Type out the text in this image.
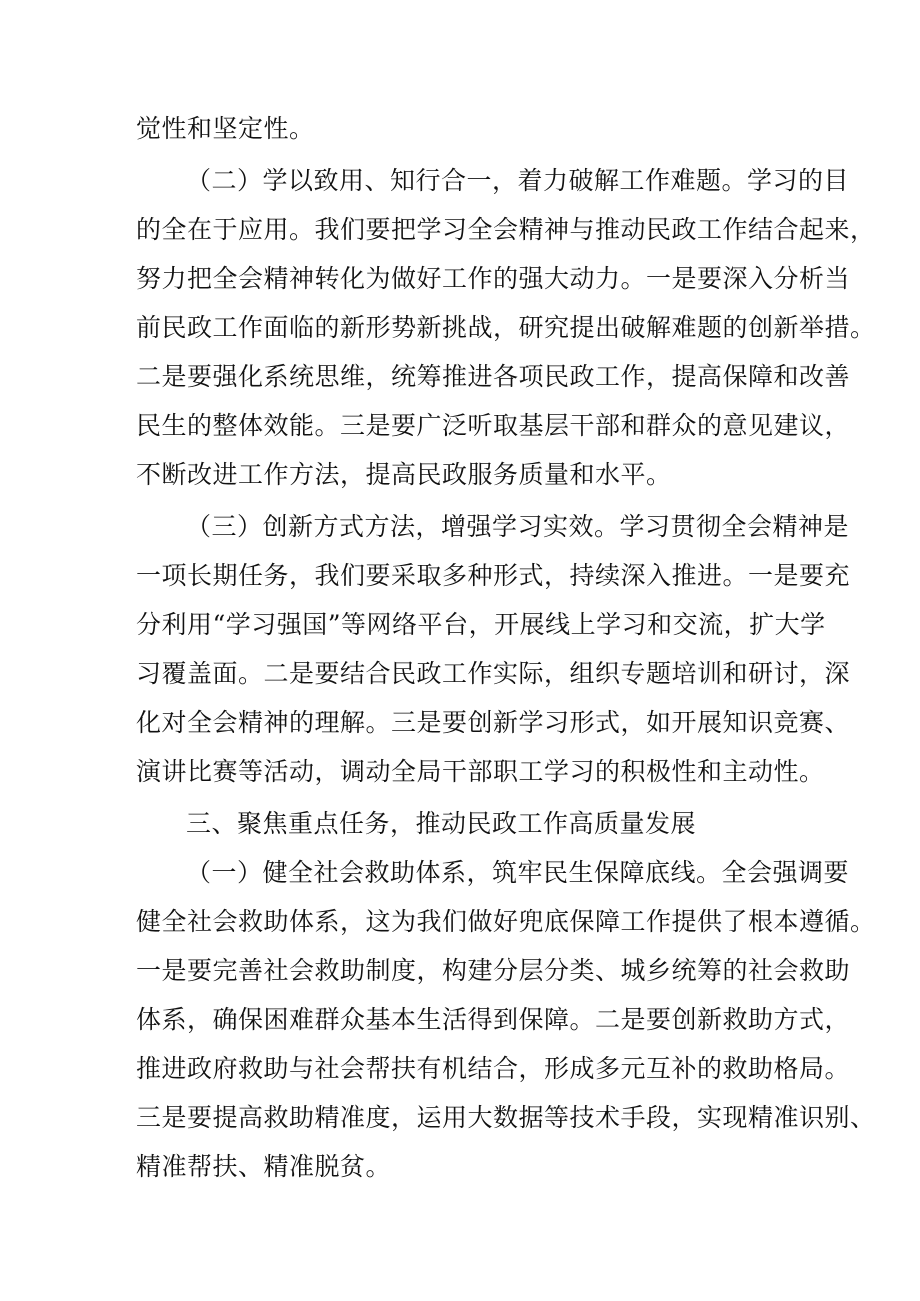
觉性和坚定性。
（二）学以致用、知行合一，着力破解工作难题。学习的目
的全在于应用。我们要把学习全会精神与推动民政工作结合起来，
努力把全会精神转化为做好工作的强大动力。一是要深入分析当
前民政工作面临的新形势新挑战，研究提出破解难题的创新举措。
二是要强化系统思维，统筹推进各项民政工作，提高保障和改善
民生的整体效能。三是要广泛听取基层干部和群众的意见建议，
不断改进工作方法，提高民政服务质量和水平。
（三）创新方式方法，增强学习实效。学习贯彻全会精神是
一项长期任务，我们要采取多种形式，持续深入推进。一是要充
分利用“学习强国”等网络平台，开展线上学习和交流，扩大学
习覆盖面。二是要结合民政工作实际，组织专题培训和研讨，深
化对全会精神的理解。三是要创新学习形式，如开展知识竞赛、
演讲比赛等活动，调动全局干部职工学习的积极性和主动性。
三、聚焦重点任务，推动民政工作高质量发展
（一）健全社会救助体系，筑牢民生保障底线。全会强调要
健全社会救助体系，这为我们做好兜底保障工作提供了根本遵循。
一是要完善社会救助制度，构建分层分类、城乡统筹的社会救助
体系，确保困难群众基本生活得到保障。二是要创新救助方式，
推进政府救助与社会帮扶有机结合，形成多元互补的救助格局。
三是要提高救助精准度，运用大数据等技术手段，实现精准识别、
精准帮扶、精准脱贫。
